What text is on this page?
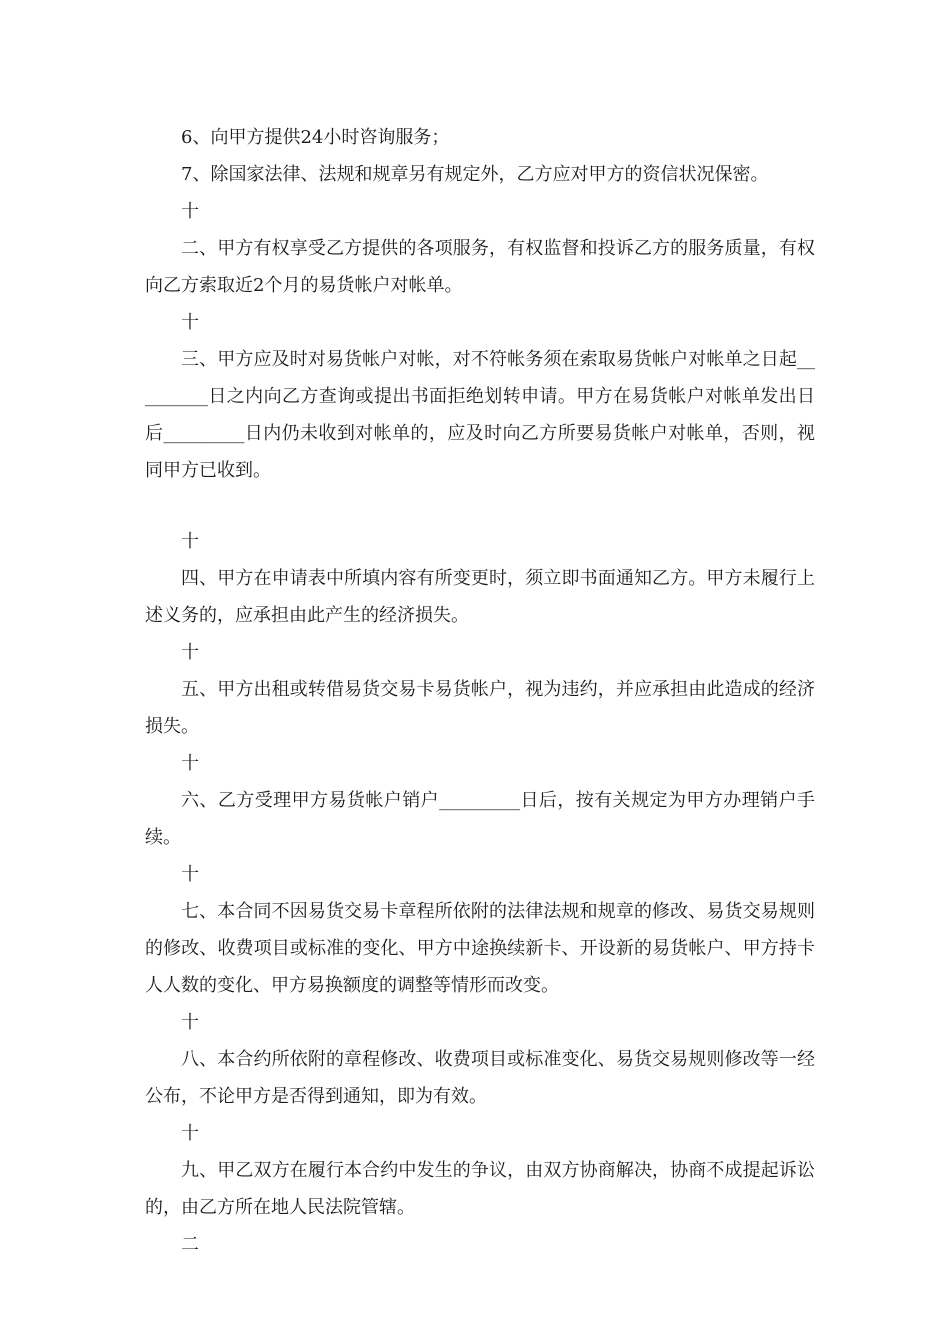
6、向甲方提供24小时咨询服务；

7、除国家法律、法规和规章另有规定外，乙方应对甲方的资信状况保密。

十

二、甲方有权享受乙方提供的各项服务，有权监督和投诉乙方的服务质量，有权向乙方索取近2个月的易货帐户对帐单。

十

三、甲方应及时对易货帐户对帐，对不符帐务须在索取易货帐户对帐单之日起_________日之内向乙方查询或提出书面拒绝划转申请。甲方在易货帐户对帐单发出日后_________日内仍未收到对帐单的，应及时向乙方所要易货帐户对帐单，否则，视同甲方已收到。

十

四、甲方在申请表中所填内容有所变更时，须立即书面通知乙方。甲方未履行上述义务的，应承担由此产生的经济损失。

十

五、甲方出租或转借易货交易卡易货帐户，视为违约，并应承担由此造成的经济损失。

十

六、乙方受理甲方易货帐户销户_________日后，按有关规定为甲方办理销户手续。

十

七、本合同不因易货交易卡章程所依附的法律法规和规章的修改、易货交易规则的修改、收费项目或标准的变化、甲方中途换续新卡、开设新的易货帐户、甲方持卡人人数的变化、甲方易换额度的调整等情形而改变。

十

八、本合约所依附的章程修改、收费项目或标准变化、易货交易规则修改等一经公布，不论甲方是否得到通知，即为有效。

十

九、甲乙双方在履行本合约中发生的争议，由双方协商解决，协商不成提起诉讼的，由乙方所在地人民法院管辖。

二
